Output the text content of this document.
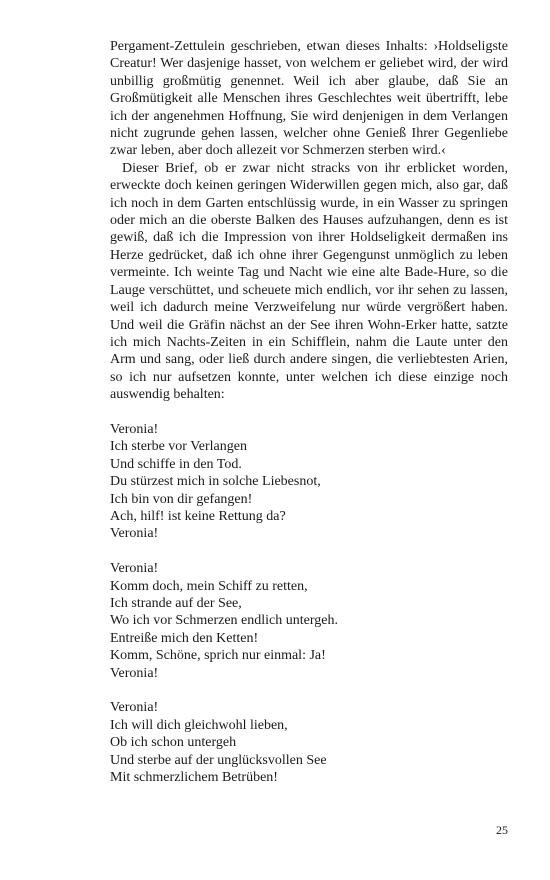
Pergament-Zettulein geschrieben, etwan dieses Inhalts: ›Holdseligste Creatur! Wer dasjenige hasset, von welchem er geliebet wird, der wird unbillig großmütig genennet. Weil ich aber glaube, daß Sie an Großmütigkeit alle Menschen ihres Geschlechtes weit übertrifft, lebe ich der angenehmen Hoffnung, Sie wird denjenigen in dem Verlangen nicht zugrunde gehen lassen, welcher ohne Genieß Ihrer Gegenliebe zwar leben, aber doch allezeit vor Schmerzen sterben wird.‹

Dieser Brief, ob er zwar nicht stracks von ihr erblicket worden, erweckte doch keinen geringen Widerwillen gegen mich, also gar, daß ich noch in dem Garten entschlüssig wurde, in ein Wasser zu springen oder mich an die oberste Balken des Hauses aufzuhangen, denn es ist gewiß, daß ich die Impression von ihrer Holdseligkeit dermaßen ins Herze gedrücket, daß ich ohne ihrer Gegengunst unmöglich zu leben vermeinte. Ich weinte Tag und Nacht wie eine alte Bade-Hure, so die Lauge verschüttet, und scheuete mich endlich, vor ihr sehen zu lassen, weil ich dadurch meine Verzweifelung nur würde vergrößert haben. Und weil die Gräfin nächst an der See ihren Wohn-Erker hatte, satzte ich mich Nachts-Zeiten in ein Schifflein, nahm die Laute unter den Arm und sang, oder ließ durch andere singen, die verliebtesten Arien, so ich nur aufsetzen konnte, unter welchen ich diese einzige noch auswendig behalten:

Veronia!
Ich sterbe vor Verlangen
Und schiffe in den Tod.
Du stürzest mich in solche Liebesnot,
Ich bin von dir gefangen!
Ach, hilf! ist keine Rettung da?
Veronia!
Veronia!
Komm doch, mein Schiff zu retten,
Ich strande auf der See,
Wo ich vor Schmerzen endlich untergeh.
Entreiße mich den Ketten!
Komm, Schöne, sprich nur einmal: Ja!
Veronia!
Veronia!
Ich will dich gleichwohl lieben,
Ob ich schon untergeh
Und sterbe auf der unglücksvollen See
Mit schmerzlichem Betrüben!
25
